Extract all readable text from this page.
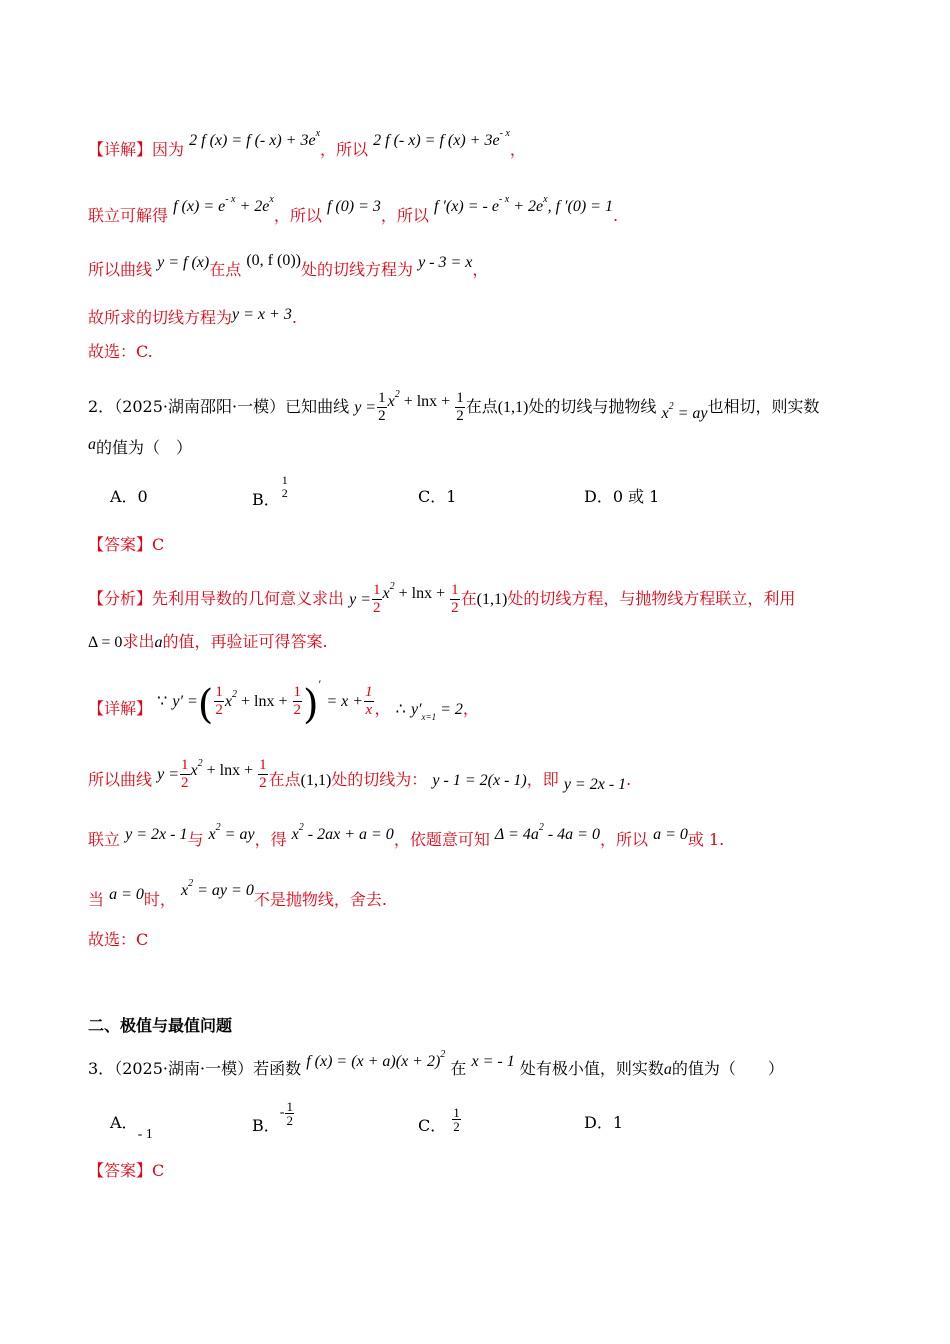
【详解】因为 2 f (x) = f (- $x) + 3e^x$，所以 2 f (- x) = f $(x) + 3e^{- x}$，
联立可解得 f $(x) = e^{- x} + 2e^x$，所以 f (0) = 3，所以 f ′(x) = - $e^{- x} + 2e^x$, f ′(0) = 1.
所以曲线 y = f (x)在点 (0, f (0))处的切线方程为 y - 3 = x，
故所求的切线方程为y = x + 3.
故选：C.
2．（2025·湖南邵阳·一模）已知曲线 $y = \frac{1}{2} x^2 + \ln x + \frac{1}{2}$ 在点(1,1)处的切线与抛物线 $x^2$ = ay也相切，则实数
a的值为（　）
A．0	B．
1
2	C．1	D．0 或 1
【答案】C
【分析】先利用导数的几何意义求出 $y = \frac{1}{2} x^2 + \ln x + \frac{1}{2}$ 在(1,1)处的切线方程，与抛物线方程联立，利用
Δ = 0求出a的值，再验证可得答案.
【详解】 ∵ y′ =( $\frac{1}{2} x^2 + \ln x + \frac{1}{2} )' = x + \frac{1}{x}$ ， ∴ $y'_{x=1} = 2$，
所以曲线 $y = \frac{1}{2} x^2 + \ln x + \frac{1}{2}$ 在点(1,1)处的切线为： y - 1 = 2(x - 1)，即 y = 2x - 1.
联立 y = 2x - 1与 $x^2$ = ay，得 $x^2 - 2ax + a = 0$，依题意可知 $\Delta = 4a^2 - 4a = 0$，所以 a = 0或 1.
当 a = 0时， $x^2$ = ay = 0不是抛物线，舍去.
故选：C
二、极值与最值问题
3．（2025·湖南·一模）若函数 f $(x) = (x + a)(x + 2)^2$ 在 x = - 1 处有极小值，则实数a的值为（　　）
A．- 1	B．- $\frac{1}{2}$	C． $\frac{1}{2}$	D．1
【答案】C
